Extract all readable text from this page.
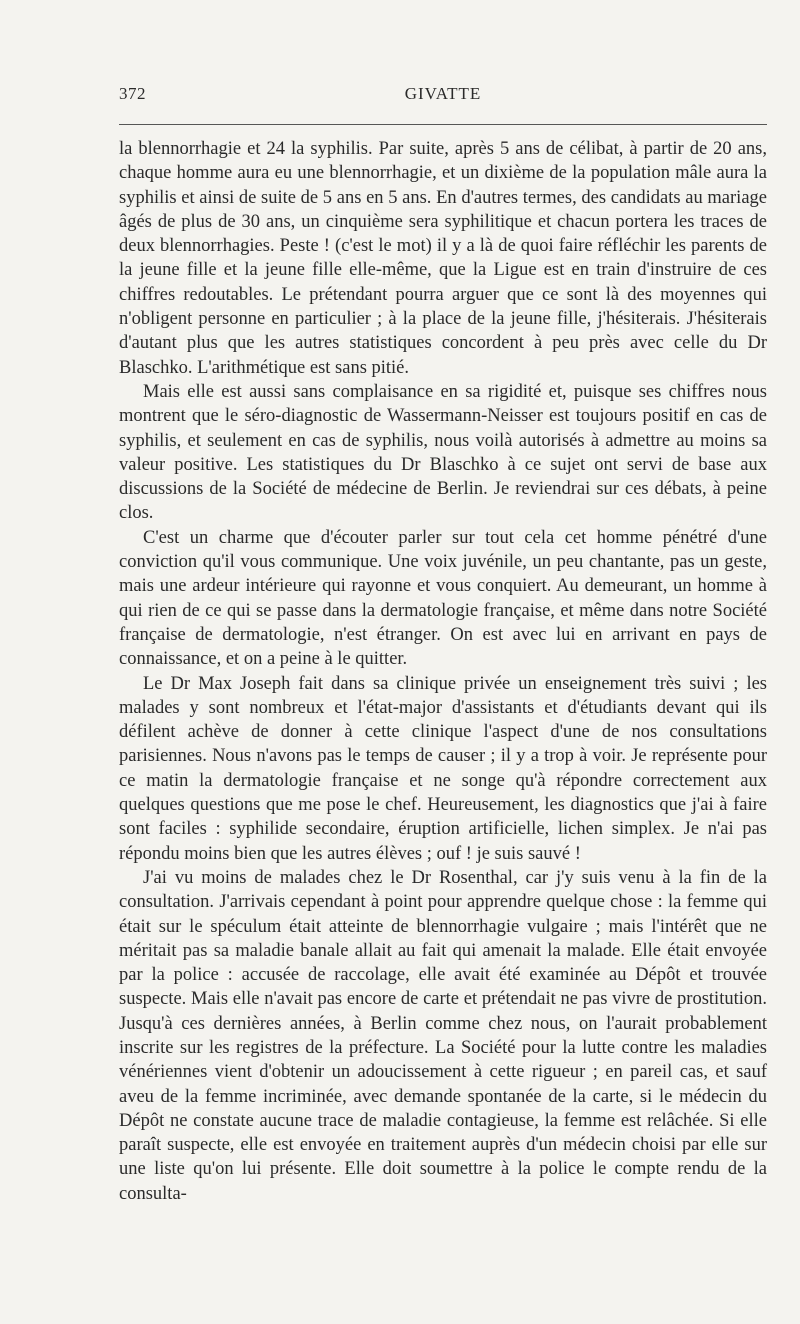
372	GIVATTE

la blennorrhagie et 24 la syphilis. Par suite, après 5 ans de célibat, à partir de 20 ans, chaque homme aura eu une blennorrhagie, et un dixième de la population mâle aura la syphilis et ainsi de suite de 5 ans en 5 ans. En d'autres termes, des candidats au mariage âgés de plus de 30 ans, un cinquième sera syphilitique et chacun portera les traces de deux blennorrhagies. Peste ! (c'est le mot) il y a là de quoi faire réfléchir les parents de la jeune fille et la jeune fille elle-même, que la Ligue est en train d'instruire de ces chiffres redoutables. Le prétendant pourra arguer que ce sont là des moyennes qui n'obligent personne en particulier ; à la place de la jeune fille, j'hésiterais. J'hésiterais d'autant plus que les autres statistiques concordent à peu près avec celle du Dr Blaschko. L'arithmétique est sans pitié.

Mais elle est aussi sans complaisance en sa rigidité et, puisque ses chiffres nous montrent que le séro-diagnostic de Wassermann-Neisser est toujours positif en cas de syphilis, et seulement en cas de syphilis, nous voilà autorisés à admettre au moins sa valeur positive. Les statistiques du Dr Blaschko à ce sujet ont servi de base aux discussions de la Société de médecine de Berlin. Je reviendrai sur ces débats, à peine clos.

C'est un charme que d'écouter parler sur tout cela cet homme pénétré d'une conviction qu'il vous communique. Une voix juvénile, un peu chantante, pas un geste, mais une ardeur intérieure qui rayonne et vous conquiert. Au demeurant, un homme à qui rien de ce qui se passe dans la dermatologie française, et même dans notre Société française de dermatologie, n'est étranger. On est avec lui en arrivant en pays de connaissance, et on a peine à le quitter.

Le Dr Max Joseph fait dans sa clinique privée un enseignement très suivi ; les malades y sont nombreux et l'état-major d'assistants et d'étudiants devant qui ils défilent achève de donner à cette clinique l'aspect d'une de nos consultations parisiennes. Nous n'avons pas le temps de causer ; il y a trop à voir. Je représente pour ce matin la dermatologie française et ne songe qu'à répondre correctement aux quelques questions que me pose le chef. Heureusement, les diagnostics que j'ai à faire sont faciles : syphilide secondaire, éruption artificielle, lichen simplex. Je n'ai pas répondu moins bien que les autres élèves ; ouf ! je suis sauvé !

J'ai vu moins de malades chez le Dr Rosenthal, car j'y suis venu à la fin de la consultation. J'arrivais cependant à point pour apprendre quelque chose : la femme qui était sur le spéculum était atteinte de blennorrhagie vulgaire ; mais l'intérêt que ne méritait pas sa maladie banale allait au fait qui amenait la malade. Elle était envoyée par la police : accusée de raccolage, elle avait été examinée au Dépôt et trouvée suspecte. Mais elle n'avait pas encore de carte et prétendait ne pas vivre de prostitution. Jusqu'à ces dernières années, à Berlin comme chez nous, on l'aurait probablement inscrite sur les registres de la préfecture. La Société pour la lutte contre les maladies vénériennes vient d'obtenir un adoucissement à cette rigueur ; en pareil cas, et sauf aveu de la femme incriminée, avec demande spontanée de la carte, si le médecin du Dépôt ne constate aucune trace de maladie contagieuse, la femme est relâchée. Si elle paraît suspecte, elle est envoyée en traitement auprès d'un médecin choisi par elle sur une liste qu'on lui présente. Elle doit soumettre à la police le compte rendu de la consulta-
